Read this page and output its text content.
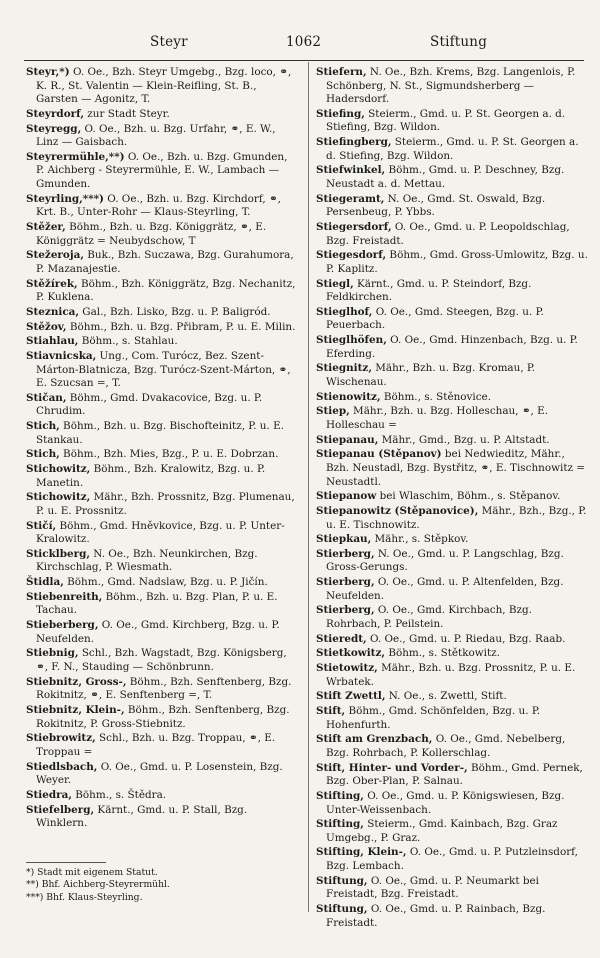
Steyr	1062	Stiftung
Steyr,*) O. Oe., Bzh. Steyr Umgebg., Bzg. loco, ⚭, K. R., St. Valentin — Klein-Reifling, St. B., Garsten — Agonitz, T.
Steyrdorf, zur Stadt Steyr.
Steyregg, O. Oe., Bzh. u. Bzg. Urfahr, ⚭, E. W., Linz — Gaisbach.
Steyrermühle,**) O. Oe., Bzh. u. Bzg. Gmunden, P. Aichberg - Steyrermühle, E. W., Lambach — Gmunden.
Steyrling,***) O. Oe., Bzh. u. Bzg. Kirchdorf, ⚭, Krt. B., Unter-Rohr — Klaus-Steyrling, T.
Stěžer, Böhm., Bzh. u. Bzg. Königgrätz, ⚭, E. Königgrätz = Neubydschow, T
Stežeroja, Buk., Bzh. Suczawa, Bzg. Gurahumora, P. Mazanajestie.
Stěžírek, Böhm., Bzh. Königgrätz, Bzg. Nechanitz, P. Kuklena.
Steznica, Gal., Bzh. Lisko, Bzg. u. P. Baligród.
Stěžov, Böhm., Bzh. u. Bzg. Přibram, P. u. E. Milin.
Stiahlau, Böhm., s. Stahlau.
Stiavnicska, Ung., Com. Turócz, Bez. Szent-Márton-Blatnicza, Bzg. Turócz-Szent-Márton, ⚭, E. Szucsan =, T.
Stičan, Böhm., Gmd. Dvakacovice, Bzg. u. P. Chrudim.
Stich, Böhm., Bzh. u. Bzg. Bischofteinitz, P. u. E. Stankau.
Stich, Böhm., Bzh. Mies, Bzg., P. u. E. Dobrzan.
Stichowitz, Böhm., Bzh. Kralowitz, Bzg. u. P. Manetin.
Stichowitz, Mähr., Bzh. Prossnitz, Bzg. Plumenau, P. u. E. Prossnitz.
Stičí, Böhm., Gmd. Hněvkovice, Bzg. u. P. Unter-Kralowitz.
Sticklberg, N. Oe., Bzh. Neunkirchen, Bzg. Kirchschlag, P. Wiesmath.
Štidla, Böhm., Gmd. Nadslaw, Bzg. u. P. Jičín.
Stiebenreith, Böhm., Bzh. u. Bzg. Plan, P. u. E. Tachau.
Stieberberg, O. Oe., Gmd. Kirchberg, Bzg. u. P. Neufelden.
Stiebnig, Schl., Bzh. Wagstadt, Bzg. Königsberg, ⚭, F. N., Stauding — Schönbrunn.
Stiebnitz, Gross-, Böhm., Bzh. Senftenberg, Bzg. Rokitnitz, ⚭, E. Senftenberg =, T.
Stiebnitz, Klein-, Böhm., Bzh. Senftenberg, Bzg. Rokitnitz, P. Gross-Stiebnitz.
Stiebrowitz, Schl., Bzh. u. Bzg. Troppau, ⚭, E. Troppau =
Stiedlsbach, O. Oe., Gmd. u. P. Losenstein, Bzg. Weyer.
Stiedra, Böhm., s. Štědra.
Stiefelberg, Kärnt., Gmd. u. P. Stall, Bzg. Winklern.
Stiefern, N. Oe., Bzh. Krems, Bzg. Langenlois, P. Schönberg, N. St., Sigmundsherberg — Hadersdorf.
Stiefing, Steierm., Gmd. u. P. St. Georgen a. d. Stiefing, Bzg. Wildon.
Stiefingberg, Steierm., Gmd. u. P. St. Georgen a. d. Stiefing, Bzg. Wildon.
Stiefwinkel, Böhm., Gmd. u. P. Deschney, Bzg. Neustadt a. d. Mettau.
Stiegeramt, N. Oe., Gmd. St. Oswald, Bzg. Persenbeug, P. Ybbs.
Stiegersdorf, O. Oe., Gmd. u. P. Leopoldschlag, Bzg. Freistadt.
Stiegesdorf, Böhm., Gmd. Gross-Umlowitz, Bzg. u. P. Kaplitz.
Stiegl, Kärnt., Gmd. u. P. Steindorf, Bzg. Feldkirchen.
Stieglhof, O. Oe., Gmd. Steegen, Bzg. u. P. Peuerbach.
Stieglhöfen, O. Oe., Gmd. Hinzenbach, Bzg. u. P. Eferding.
Stiegnitz, Mähr., Bzh. u. Bzg. Kromau, P. Wischenau.
Stienowitz, Böhm., s. Stěnovice.
Stiep, Mähr., Bzh. u. Bzg. Holleschau, ⚭, E. Holleschau =
Stiepanau, Mähr., Gmd., Bzg. u. P. Altstadt.
Stiepanau (Stěpanov) bei Nedwieditz, Mähr., Bzh. Neustadl, Bzg. Bystřitz, ⚭, E. Tischnowitz = Neustadtl.
Stiepanow bei Wlaschim, Böhm., s. Stěpanov.
Stiepanowitz (Stěpanovice), Mähr., Bzh., Bzg., P. u. E. Tischnowitz.
Stiepkau, Mähr., s. Stěpkov.
Stierberg, N. Oe., Gmd. u. P. Langschlag, Bzg. Gross-Gerungs.
Stierberg, O. Oe., Gmd. u. P. Altenfelden, Bzg. Neufelden.
Stierberg, O. Oe., Gmd. Kirchbach, Bzg. Rohrbach, P. Peilstein.
Stieredt, O. Oe., Gmd. u. P. Riedau, Bzg. Raab.
Stietkowitz, Böhm., s. Stětkowitz.
Stietowitz, Mähr., Bzh. u. Bzg. Prossnitz, P. u. E. Wrbatek.
Stift Zwettl, N. Oe., s. Zwettl, Stift.
Stift, Böhm., Gmd. Schönfelden, Bzg. u. P. Hohenfurth.
Stift am Grenzbach, O. Oe., Gmd. Nebelberg, Bzg. Rohrbach, P. Kollerschlag.
Stift, Hinter- und Vorder-, Böhm., Gmd. Pernek, Bzg. Ober-Plan, P. Salnau.
Stifting, O. Oe., Gmd. u. P. Königswiesen, Bzg. Unter-Weissenbach.
Stifting, Steierm., Gmd. Kainbach, Bzg. Graz Umgebg., P. Graz.
Stifting, Klein-, O. Oe., Gmd. u. P. Putzleinsdorf, Bzg. Lembach.
Stiftung, O. Oe., Gmd. u. P. Neumarkt bei Freistadt, Bzg. Freistadt.
Stiftung, O. Oe., Gmd. u. P. Rainbach, Bzg. Freistadt.
*) Stadt mit eigenem Statut.
**) Bhf. Aichberg-Steyrermühl.
***) Bhf. Klaus-Steyrling.
